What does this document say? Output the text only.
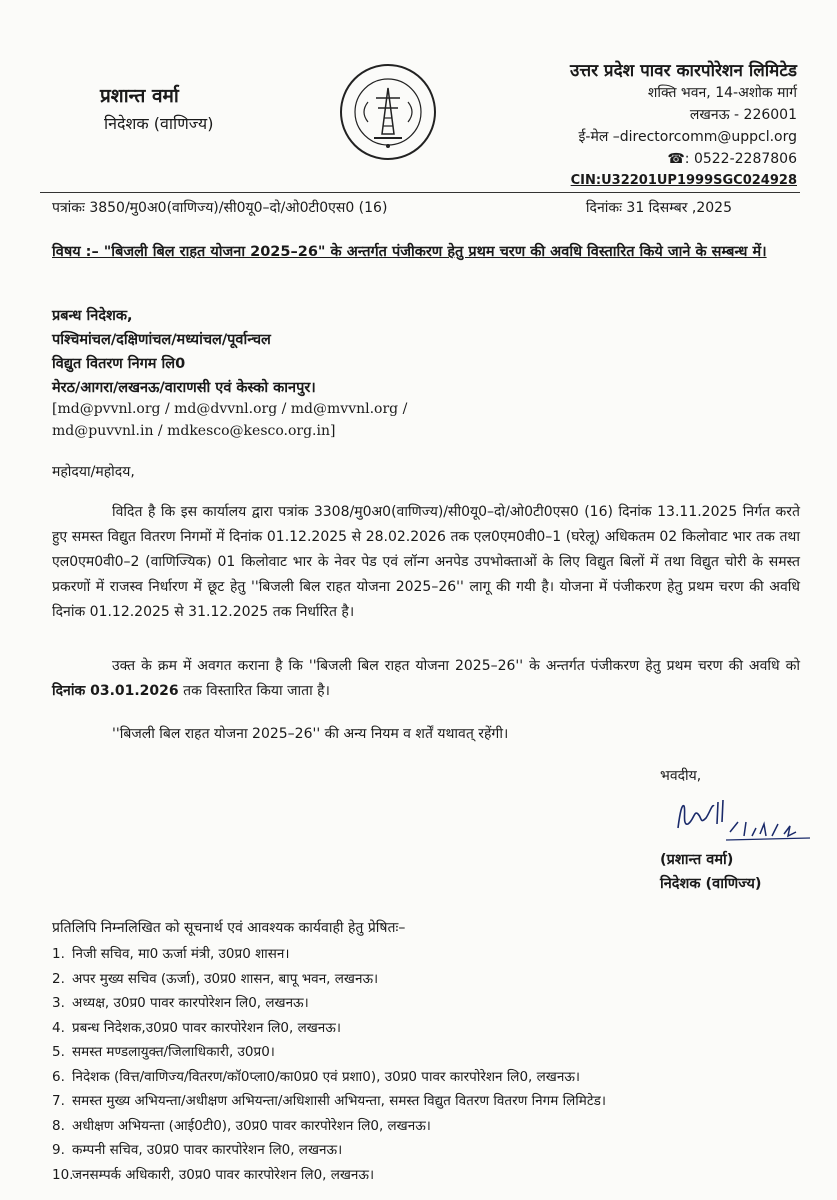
प्रशान्त वर्मा
निदेशक (वाणिज्य)
उत्तर प्रदेश पावर कारपोरेशन लिमिटेड
शक्ति भवन, 14-अशोक मार्ग
लखनऊ - 226001
ई-मेल –directorcomm@uppcl.org
☎: 0522-2287806
CIN:U32201UP1999SGC024928
पत्रांकः 3850/मु0अ0(वाणिज्य)/सी0यू0–दो/ओ0टी0एस0 (16)	दिनांकः 31 दिसम्बर ,2025
विषय :– "बिजली बिल राहत योजना 2025–26" के अन्तर्गत पंजीकरण हेतु प्रथम चरण की अवधि विस्तारित किये जाने के सम्बन्ध में।
प्रबन्ध निदेशक,
पश्चिमांचल/दक्षिणांचल/मध्यांचल/पूर्वान्चल
विद्युत वितरण निगम लि0
मेरठ/आगरा/लखनऊ/वाराणसी एवं केस्को कानपुर।
[md@pvvnl.org / md@dvvnl.org / md@mvvnl.org /
md@puvvnl.in / mdkesco@kesco.org.in]
महोदया/महोदय,
विदित है कि इस कार्यालय द्वारा पत्रांक 3308/मु0अ0(वाणिज्य)/सी0यू0–दो/ओ0टी0एस0 (16) दिनांक 13.11.2025 निर्गत करते हुए समस्त विद्युत वितरण निगमों में दिनांक 01.12.2025 से 28.02.2026 तक एल0एम0वी0–1 (घरेलू) अधिकतम 02 किलोवाट भार तक तथा एल0एम0वी0–2 (वाणिज्यिक) 01 किलोवाट भार के नेवर पेड एवं लॉन्ग अनपेड उपभोक्ताओं के लिए विद्युत बिलों में तथा विद्युत चोरी के समस्त प्रकरणों में राजस्व निर्धारण में छूट हेतु ''बिजली बिल राहत योजना 2025–26'' लागू की गयी है। योजना में पंजीकरण हेतु प्रथम चरण की अवधि दिनांक 01.12.2025 से 31.12.2025 तक निर्धारित है।
उक्त के क्रम में अवगत कराना है कि ''बिजली बिल राहत योजना 2025–26'' के अन्तर्गत पंजीकरण हेतु प्रथम चरण की अवधि को दिनांक 03.01.2026 तक विस्तारित किया जाता है।
''बिजली बिल राहत योजना 2025–26'' की अन्य नियम व शर्तें यथावत् रहेंगी।
भवदीय,
(प्रशान्त वर्मा)
निदेशक (वाणिज्य)
प्रतिलिपि निम्नलिखित को सूचनार्थ एवं आवश्यक कार्यवाही हेतु प्रेषितः–
1. निजी सचिव, मा0 ऊर्जा मंत्री, उ0प्र0 शासन।
2. अपर मुख्य सचिव (ऊर्जा), उ0प्र0 शासन, बापू भवन, लखनऊ।
3. अध्यक्ष, उ0प्र0 पावर कारपोरेशन लि0, लखनऊ।
4. प्रबन्ध निदेशक,उ0प्र0 पावर कारपोरेशन लि0, लखनऊ।
5. समस्त मण्डलायुक्त/जिलाधिकारी, उ0प्र0।
6. निदेशक (वित्त/वाणिज्य/वितरण/कॉ0प्ला0/का0प्र0 एवं प्रशा0), उ0प्र0 पावर कारपोरेशन लि0, लखनऊ।
7. समस्त मुख्य अभियन्ता/अधीक्षण अभियन्ता/अधिशासी अभियन्ता, समस्त विद्युत वितरण वितरण निगम लिमिटेड।
8. अधीक्षण अभियन्ता (आई0टी0), उ0प्र0 पावर कारपोरेशन लि0, लखनऊ।
9. कम्पनी सचिव, उ0प्र0 पावर कारपोरेशन लि0, लखनऊ।
10.जनसम्पर्क अधिकारी, उ0प्र0 पावर कारपोरेशन लि0, लखनऊ।
